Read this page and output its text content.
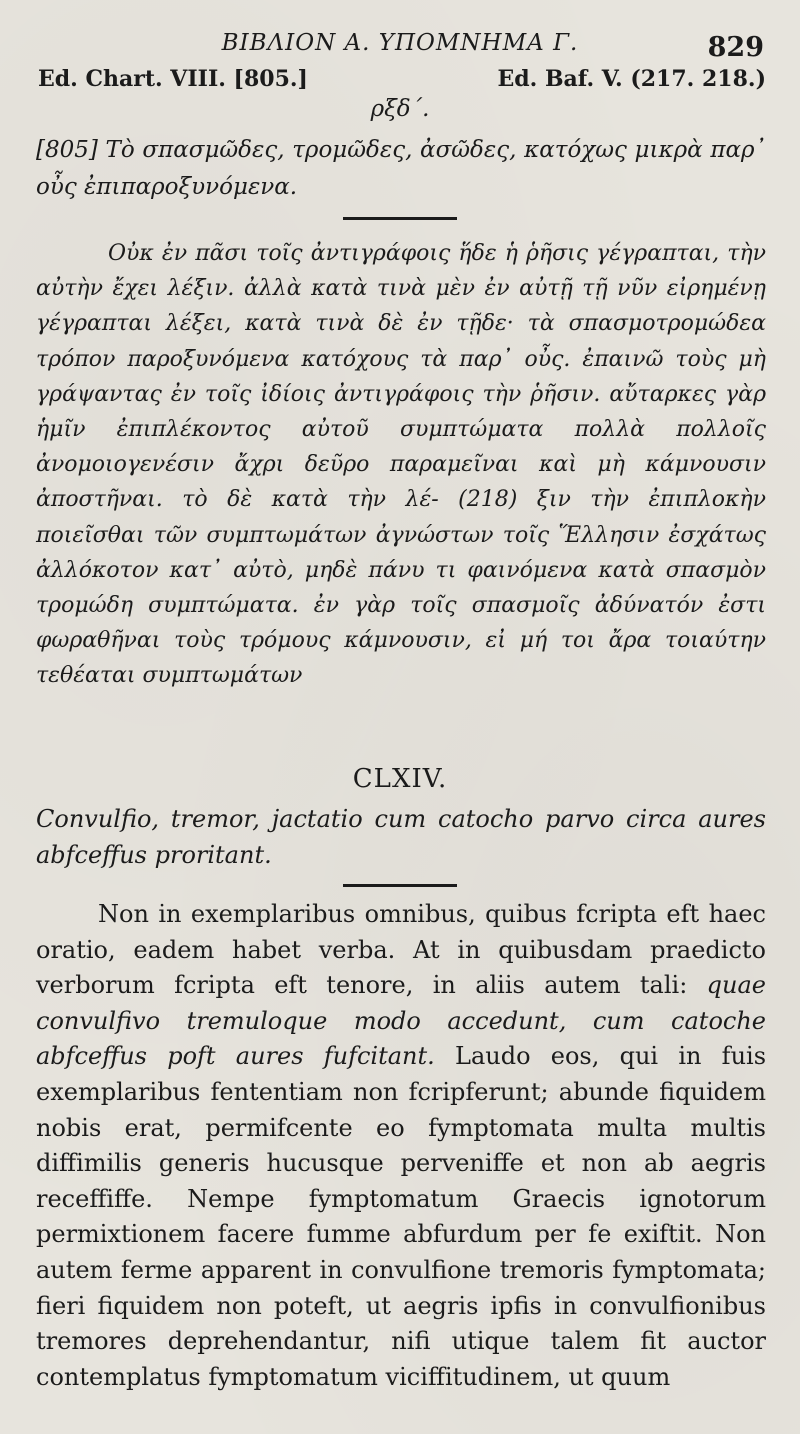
ΒΙΒΛΙΟΝ Α. ΥΠΟΜΝΗΜΑ Γ.	829
Ed. Chart. VIII. [805.]	Ed. Baf. V. (217. 218.)
ρξδ΄.
[805] Τὸ σπασμῶδες, τρομῶδες, ἀσῶδες, κατόχως μικρὰ παρ᾽ οὖς ἐπιπαροξυνόμενα.
Οὐκ ἐν πᾶσι τοῖς ἀντιγράφοις ἥδε ἡ ῥῆσις γέγραπται, τὴν αὐτὴν ἔχει λέξιν. ἀλλὰ κατὰ τινὰ μὲν ἐν αὐτῇ τῇ νῦν εἰρημένῃ γέγραπται λέξει, κατὰ τινὰ δὲ ἐν τῇδε· τὰ σπασμοτρομώδεα τρόπον παροξυνόμενα κατόχους τὰ παρ᾽ οὖς. ἐπαινῶ τοὺς μὴ γράψαντας ἐν τοῖς ἰδίοις ἀντιγράφοις τὴν ῥῆσιν. αὔταρκες γὰρ ἡμῖν ἐπιπλέκοντος αὐτοῦ συμπτώματα πολλὰ πολλοῖς ἀνομοιογενέσιν ἄχρι δεῦρο παραμεῖναι καὶ μὴ κάμνουσιν ἀποστῆναι. τὸ δὲ κατὰ τὴν λέ- (218) ξιν τὴν ἐπιπλοκὴν ποιεῖσθαι τῶν συμπτωμάτων ἀγνώστων τοῖς Ἕλλησιν ἐσχάτως ἀλλόκοτον κατ᾽ αὐτὸ, μηδὲ πάνυ τι φαινόμενα κατὰ σπασμὸν τρομώδη συμπτώματα. ἐν γὰρ τοῖς σπασμοῖς ἀδύνατόν ἐστι φωραθῆναι τοὺς τρόμους κάμνουσιν, εἰ μή τοι ἄρα τοιαύτην τεθέαται συμπτωμάτων
CLXIV.
Convulfio, tremor, jactatio cum catocho parvo circa aures abfceffus proritant.
Non in exemplaribus omnibus, quibus fcripta eft haec oratio, eadem habet verba. At in quibusdam praedicto verborum fcripta eft tenore, in aliis autem tali: quae convulfivo tremuloque modo accedunt, cum catoche abfceffus poft aures fufcitant. Laudo eos, qui in fuis exemplaribus fententiam non fcripferunt; abunde fiquidem nobis erat, permifcente eo fymptomata multa multis diffimilis generis hucusque perveniffe et non ab aegris receffiffe. Nempe fymptomatum Graecis ignotorum permixtionem facere fumme abfurdum per fe exiftit. Non autem ferme apparent in convulfione tremoris fymptomata; fieri fiquidem non poteft, ut aegris ipfis in convulfionibus tremores deprehendantur, nifi utique talem fit auctor contemplatus fymptomatum viciffitudinem, ut quum
